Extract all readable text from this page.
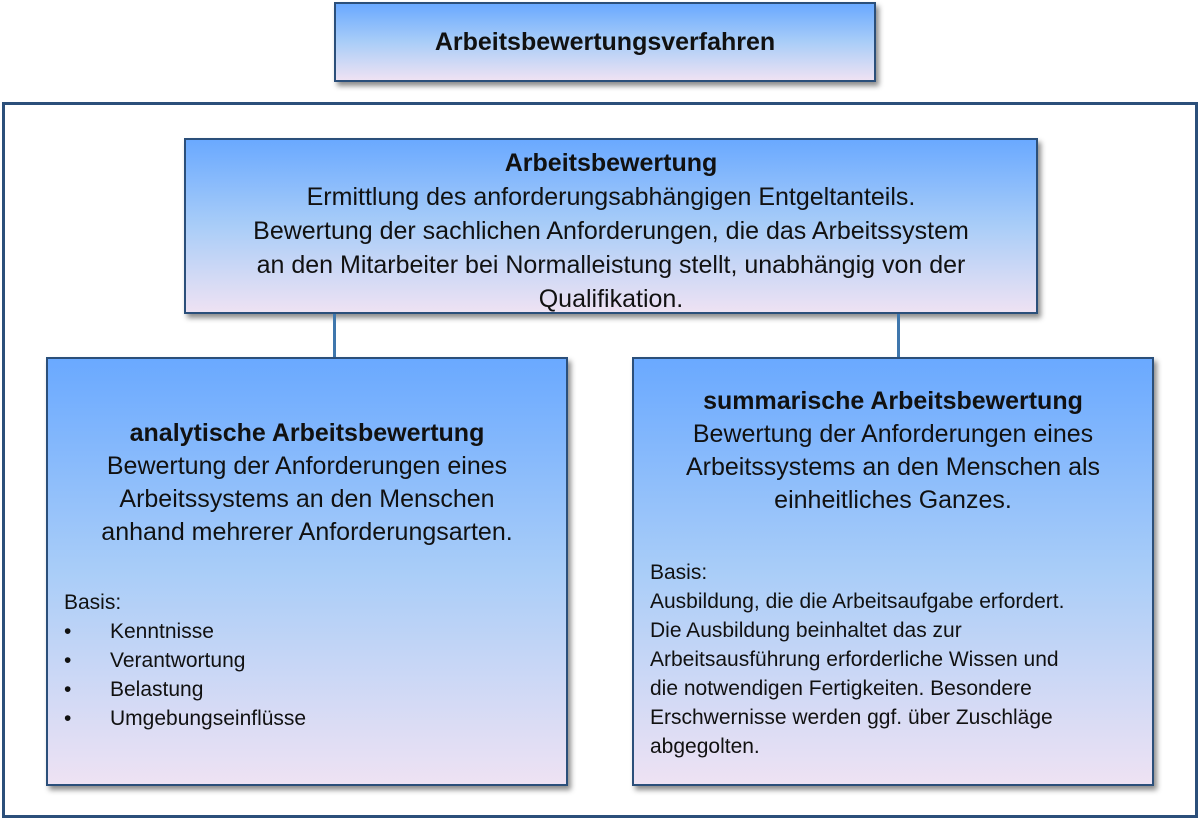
Arbeitsbewertungsverfahren
Arbeitsbewertung
Ermittlung des anforderungsabhängigen Entgeltanteils.
Bewertung der sachlichen Anforderungen, die das Arbeitssystem
an den Mitarbeiter bei Normalleistung stellt, unabhängig von der
Qualifikation.
analytische Arbeitsbewertung
Bewertung der Anforderungen eines
Arbeitssystems an den Menschen
anhand mehrerer Anforderungsarten.
Basis:
• Kenntnisse
• Verantwortung
• Belastung
• Umgebungseinflüsse
summarische Arbeitsbewertung
Bewertung der Anforderungen eines
Arbeitssystems an den Menschen als
einheitliches Ganzes.
Basis:
Ausbildung, die die Arbeitsaufgabe erfordert.
Die Ausbildung beinhaltet das zur
Arbeitsausführung erforderliche Wissen und
die notwendigen Fertigkeiten. Besondere
Erschwernisse werden ggf. über Zuschläge
abgegolten.
